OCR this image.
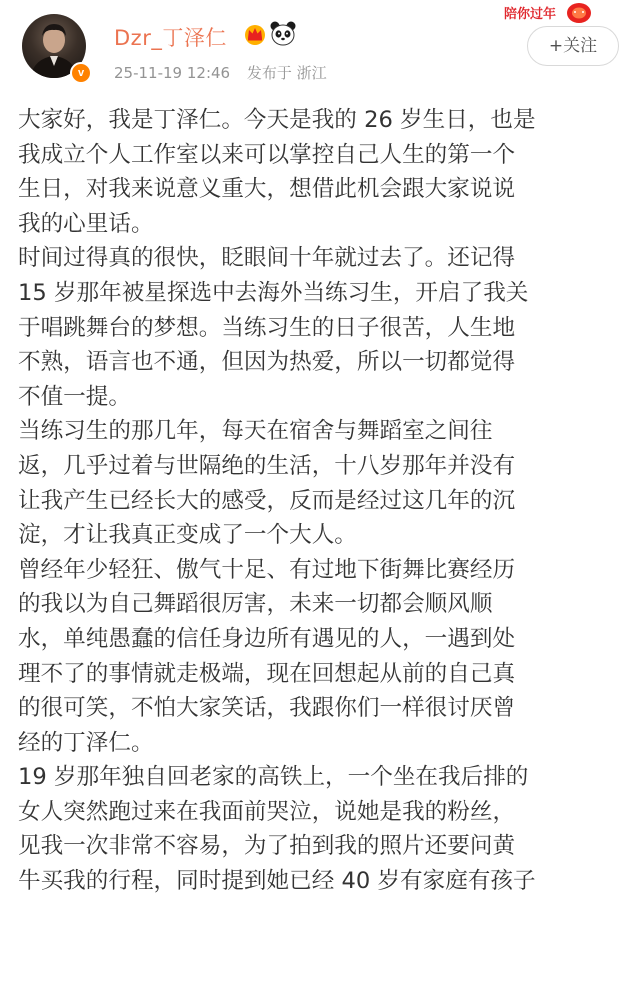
v
Dzr_丁泽仁
25-11-19 12:46 发布于 浙江
陪你过年
+关注
大家好，我是丁泽仁。今天是我的 26 岁生日，也是
我成立个人工作室以来可以掌控自己人生的第一个
生日，对我来说意义重大，想借此机会跟大家说说
我的心里话。
时间过得真的很快，眨眼间十年就过去了。还记得
15 岁那年被星探选中去海外当练习生，开启了我关
于唱跳舞台的梦想。当练习生的日子很苦，人生地
不熟，语言也不通，但因为热爱，所以一切都觉得
不值一提。
当练习生的那几年，每天在宿舍与舞蹈室之间往
返，几乎过着与世隔绝的生活，十八岁那年并没有
让我产生已经长大的感受，反而是经过这几年的沉
淀，才让我真正变成了一个大人。
曾经年少轻狂、傲气十足、有过地下街舞比赛经历
的我以为自己舞蹈很厉害，未来一切都会顺风顺
水，单纯愚蠢的信任身边所有遇见的人，一遇到处
理不了的事情就走极端，现在回想起从前的自己真
的很可笑，不怕大家笑话，我跟你们一样很讨厌曾
经的丁泽仁。
19 岁那年独自回老家的高铁上，一个坐在我后排的
女人突然跑过来在我面前哭泣，说她是我的粉丝，
见我一次非常不容易，为了拍到我的照片还要问黄
牛买我的行程，同时提到她已经 40 岁有家庭有孩子
